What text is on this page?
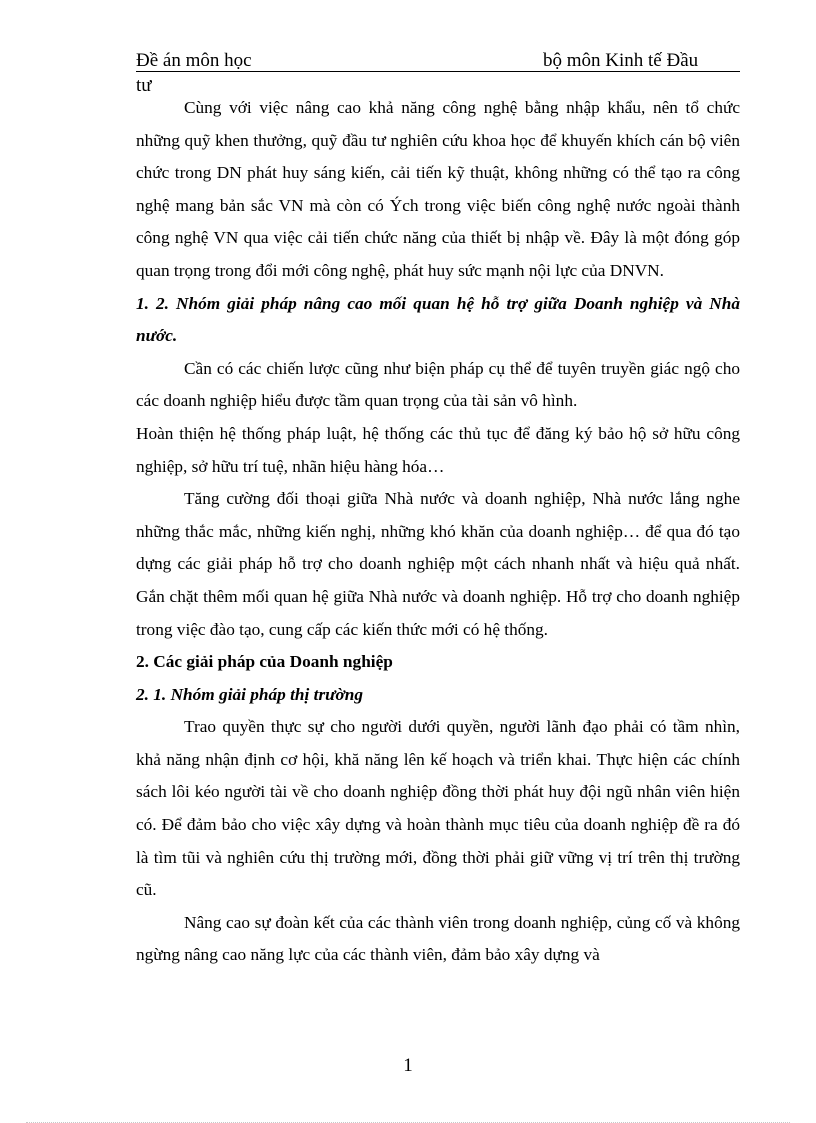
Đề án môn học	bộ môn Kinh tế Đầu
tư

Cùng với việc nâng cao khả năng công nghệ bằng nhập khẩu, nên tổ chức những quỹ khen thưởng, quỹ đầu tư nghiên cứu khoa học để khuyến khích cán bộ viên chức trong DN phát huy sáng kiến, cải tiến kỹ thuật, không những có thể tạo ra công nghệ mang bản sắc VN mà còn có Ých trong việc biến công nghệ nước ngoài thành công nghệ VN qua việc cải tiến chức năng của thiết bị nhập về. Đây là một đóng góp quan trọng trong đổi mới công nghệ, phát huy sức mạnh nội lực của DNVN.

1. 2. Nhóm giải pháp nâng cao mối quan hệ hỗ trợ giữa Doanh nghiệp và Nhà nước.

Cần có các chiến lược cũng như biện pháp cụ thể để tuyên truyền giác ngộ cho các doanh nghiệp hiểu được tầm quan trọng của tài sản vô hình.

Hoàn thiện hệ thống pháp luật, hệ thống các thủ tục để đăng ký bảo hộ sở hữu công nghiệp, sở hữu trí tuệ, nhãn hiệu hàng hóa…

Tăng cường đối thoại giữa Nhà nước và doanh nghiệp, Nhà nước lắng nghe những thắc mắc, những kiến nghị, những khó khăn của doanh nghiệp… để qua đó tạo dựng các giải pháp hỗ trợ cho doanh nghiệp một cách nhanh nhất và hiệu quả nhất. Gắn chặt thêm mối quan hệ giữa Nhà nước và doanh nghiệp. Hỗ trợ cho doanh nghiệp trong việc đào tạo, cung cấp các kiến thức mới có hệ thống.

2. Các giải pháp của Doanh nghiệp

2. 1. Nhóm giải pháp thị trường

Trao quyền thực sự cho người dưới quyền, người lãnh đạo phải có tầm nhìn, khả năng nhận định cơ hội, khă năng lên kế hoạch và triển khai. Thực hiện các chính sách lôi kéo người tài về cho doanh nghiệp đồng thời phát huy đội ngũ nhân viên hiện có. Để đảm bảo cho việc xây dựng và hoàn thành mục tiêu của doanh nghiệp đề ra đó là tìm tũi và nghiên cứu thị trường mới, đồng thời phải giữ vững vị trí trên thị trường cũ.

Nâng cao sự đoàn kết của các thành viên trong doanh nghiệp, củng cố và không ngừng nâng cao năng lực của các thành viên, đảm bảo xây dựng và

1
